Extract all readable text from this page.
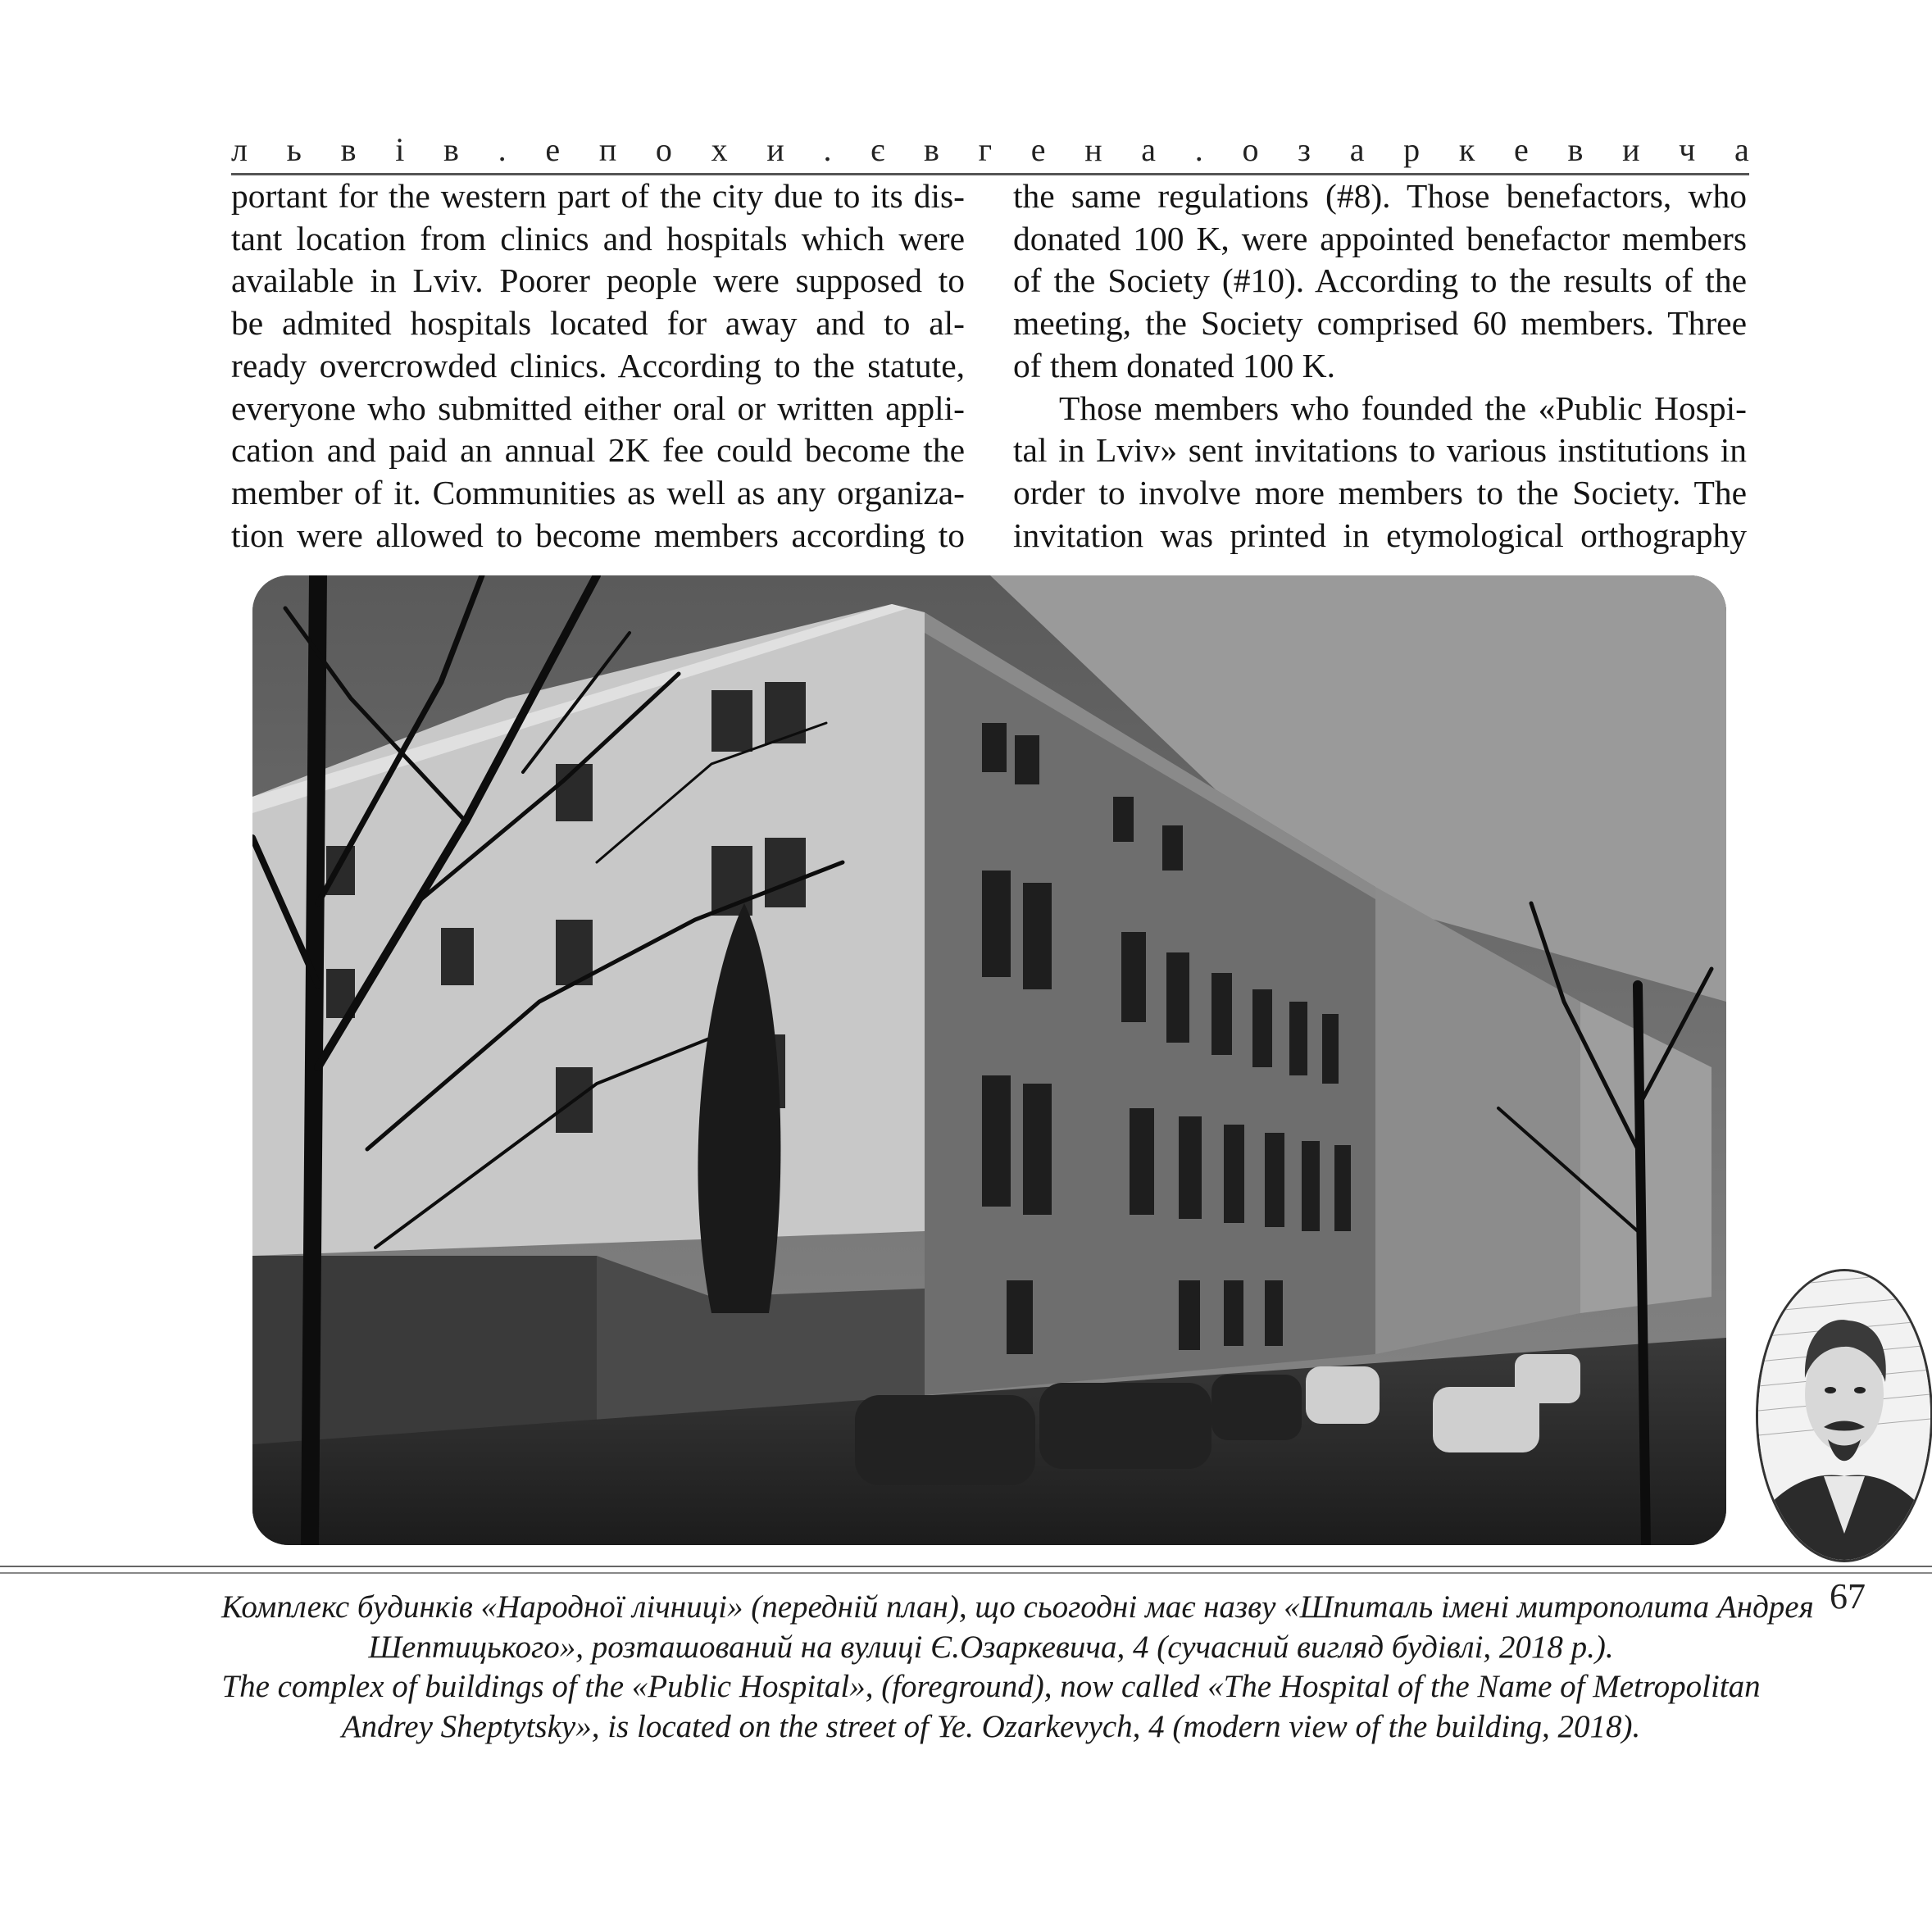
л ь в і в . е п о х и . є в г е н а . о з а р к е в и ч а
portant for the western part of the city due to its dis-
tant location from clinics and hospitals which were
available in Lviv. Poorer people were supposed to
be admited hospitals located for away and to al-
ready overcrowded clinics. According to the statute,
everyone who submitted either oral or written appli-
cation and paid an annual 2K fee could become the
member of it. Communities as well as any organiza-
tion were allowed to become members according to
the same regulations (#8). Those benefactors, who
donated 100 K, were appointed benefactor members
of the Society (#10). According to the results of the
meeting, the Society comprised 60 members. Three
of them donated 100 K.
Those members who founded the «Public Hospi-
tal in Lviv» sent invitations to various institutions in
order to involve more members to the Society. The
invitation was printed in etymological orthography
67
Комплекс будинків «Народної лічниці» (передній план), що сьогодні має назву «Шпиталь імені митрополита Андрея
Шептицького», розташований на вулиці Є.Озаркевича, 4 (сучасний вигляд будівлі, 2018 р.).
The complex of buildings of the «Public Hospital», (foreground), now called «The Hospital of the Name of Metropolitan
Andrey Sheptytsky», is located on the street of Ye. Ozarkevych, 4 (modern view of the building, 2018).
